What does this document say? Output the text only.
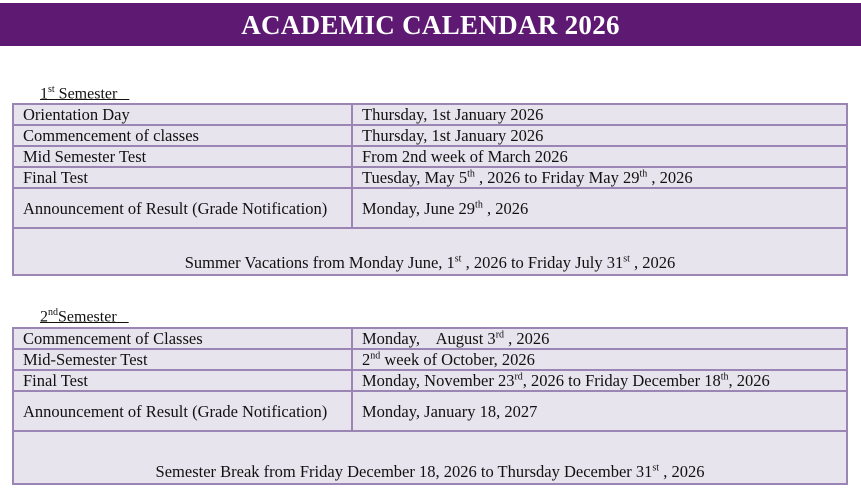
ACADEMIC CALENDAR 2026
1st Semester
Orientation Day	Thursday, 1st January 2026
Commencement of classes	Thursday, 1st January 2026
Mid Semester Test	From 2nd week of March 2026
Final Test	Tuesday, May 5th , 2026 to Friday May 29th , 2026
Announcement of Result (Grade Notification)	Monday, June 29th , 2026
Summer Vacations from Monday June, 1st , 2026 to Friday July 31st , 2026	
2ndSemester
Commencement of Classes	Monday,    August 3rd , 2026
Mid-Semester Test	2nd week of October, 2026
Final Test	Monday, November 23rd, 2026 to Friday December 18th, 2026
Announcement of Result (Grade Notification)	Monday, January 18, 2027
Semester Break from Friday December 18, 2026 to Thursday December 31st , 2026	
